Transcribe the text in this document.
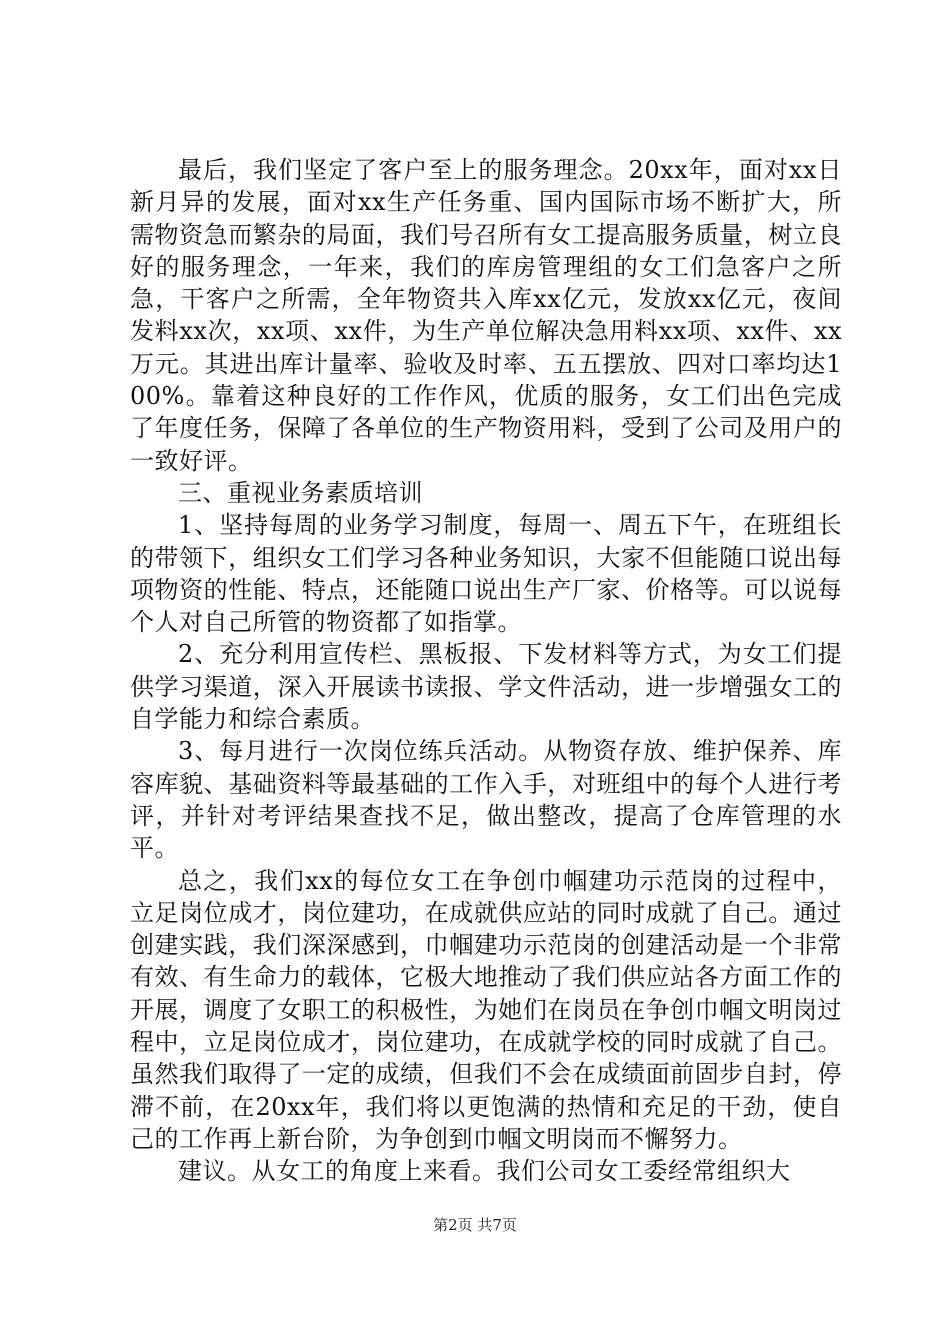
最后，我们坚定了客户至上的服务理念。20xx年，面对xx日新月异的发展，面对xx生产任务重、国内国际市场不断扩大，所需物资急而繁杂的局面，我们号召所有女工提高服务质量，树立良好的服务理念，一年来，我们的库房管理组的女工们急客户之所急，干客户之所需，全年物资共入库xx亿元，发放xx亿元，夜间发料xx次，xx项、xx件，为生产单位解决急用料xx项、xx件、xx万元。其进出库计量率、验收及时率、五五摆放、四对口率均达100%。靠着这种良好的工作作风，优质的服务，女工们出色完成了年度任务，保障了各单位的生产物资用料，受到了公司及用户的一致好评。

三、重视业务素质培训

1、坚持每周的业务学习制度，每周一、周五下午，在班组长的带领下，组织女工们学习各种业务知识，大家不但能随口说出每项物资的性能、特点，还能随口说出生产厂家、价格等。可以说每个人对自己所管的物资都了如指掌。

2、充分利用宣传栏、黑板报、下发材料等方式，为女工们提供学习渠道，深入开展读书读报、学文件活动，进一步增强女工的自学能力和综合素质。

3、每月进行一次岗位练兵活动。从物资存放、维护保养、库容库貌、基础资料等最基础的工作入手，对班组中的每个人进行考评，并针对考评结果查找不足，做出整改，提高了仓库管理的水平。

总之，我们xx的每位女工在争创巾帼建功示范岗的过程中，立足岗位成才，岗位建功，在成就供应站的同时成就了自己。通过创建实践，我们深深感到，巾帼建功示范岗的创建活动是一个非常有效、有生命力的载体，它极大地推动了我们供应站各方面工作的开展，调度了女职工的积极性，为她们在岗员在争创巾帼文明岗过程中，立足岗位成才，岗位建功，在成就学校的同时成就了自己。虽然我们取得了一定的成绩，但我们不会在成绩面前固步自封，停滞不前，在20xx年，我们将以更饱满的热情和充足的干劲，使自己的工作再上新台阶，为争创到巾帼文明岗而不懈努力。

建议。从女工的角度上来看。我们公司女工委经常组织大

第2页 共7页
